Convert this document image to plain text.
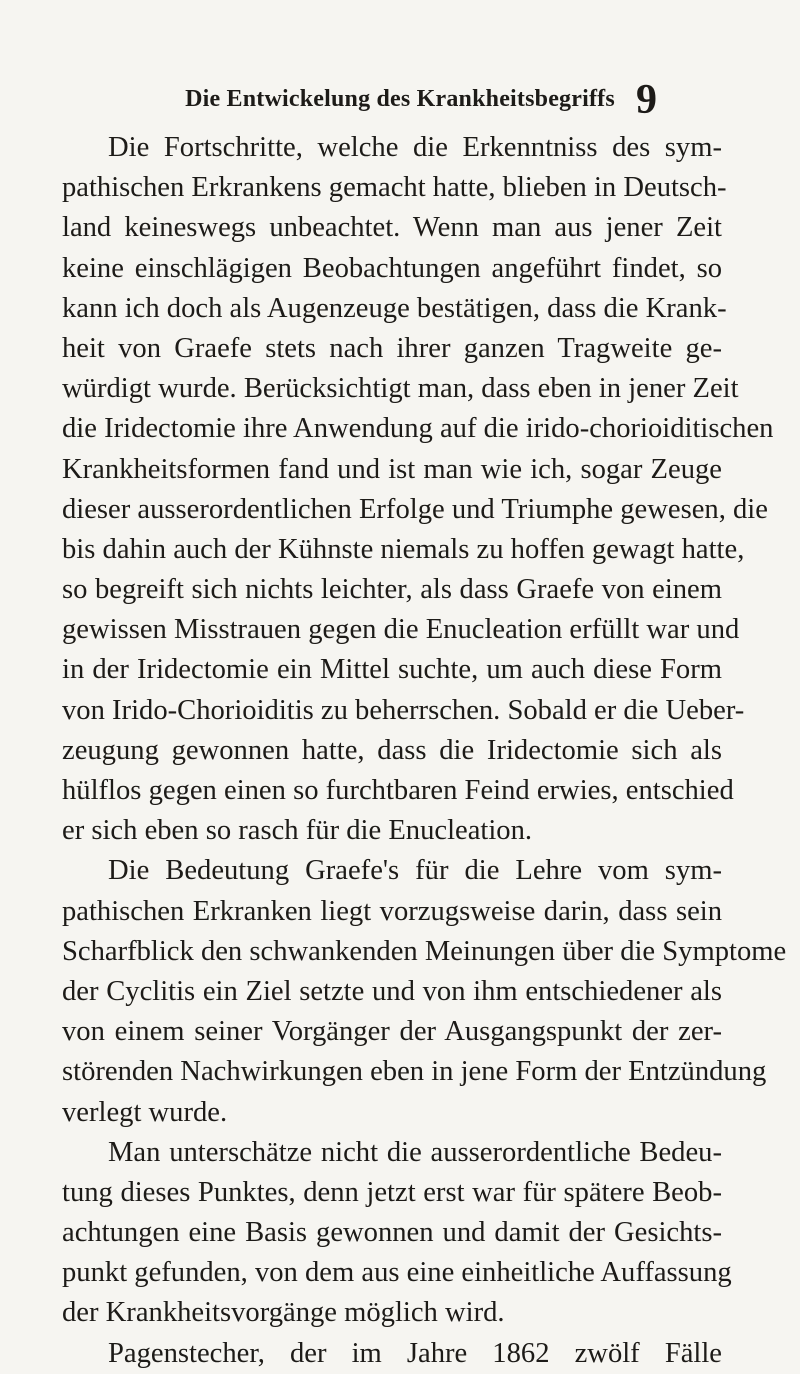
Die Entwickelung des Krankheitsbegriffs 9
Die Fortschritte, welche die Erkenntniss des sym-
pathischen Erkrankens gemacht hatte, blieben in Deutsch-
land keineswegs unbeachtet. Wenn man aus jener Zeit
keine einschlägigen Beobachtungen angeführt findet, so
kann ich doch als Augenzeuge bestätigen, dass die Krank-
heit von Graefe stets nach ihrer ganzen Tragweite ge-
würdigt wurde. Berücksichtigt man, dass eben in jener Zeit
die Iridectomie ihre Anwendung auf die irido-chorioiditischen
Krankheitsformen fand und ist man wie ich, sogar Zeuge
dieser ausserordentlichen Erfolge und Triumphe gewesen, die
bis dahin auch der Kühnste niemals zu hoffen gewagt hatte,
so begreift sich nichts leichter, als dass Graefe von einem
gewissen Misstrauen gegen die Enucleation erfüllt war und
in der Iridectomie ein Mittel suchte, um auch diese Form
von Irido-Chorioiditis zu beherrschen. Sobald er die Ueber-
zeugung gewonnen hatte, dass die Iridectomie sich als
hülflos gegen einen so furchtbaren Feind erwies, entschied
er sich eben so rasch für die Enucleation.
Die Bedeutung Graefe's für die Lehre vom sym-
pathischen Erkranken liegt vorzugsweise darin, dass sein
Scharfblick den schwankenden Meinungen über die Symptome
der Cyclitis ein Ziel setzte und von ihm entschiedener als
von einem seiner Vorgänger der Ausgangspunkt der zer-
störenden Nachwirkungen eben in jene Form der Entzündung
verlegt wurde.
Man unterschätze nicht die ausserordentliche Bedeu-
tung dieses Punktes, denn jetzt erst war für spätere Beob-
achtungen eine Basis gewonnen und damit der Gesichts-
punkt gefunden, von dem aus eine einheitliche Auffassung
der Krankheitsvorgänge möglich wird.
Pagenstecher, der im Jahre 1862 zwölf Fälle
